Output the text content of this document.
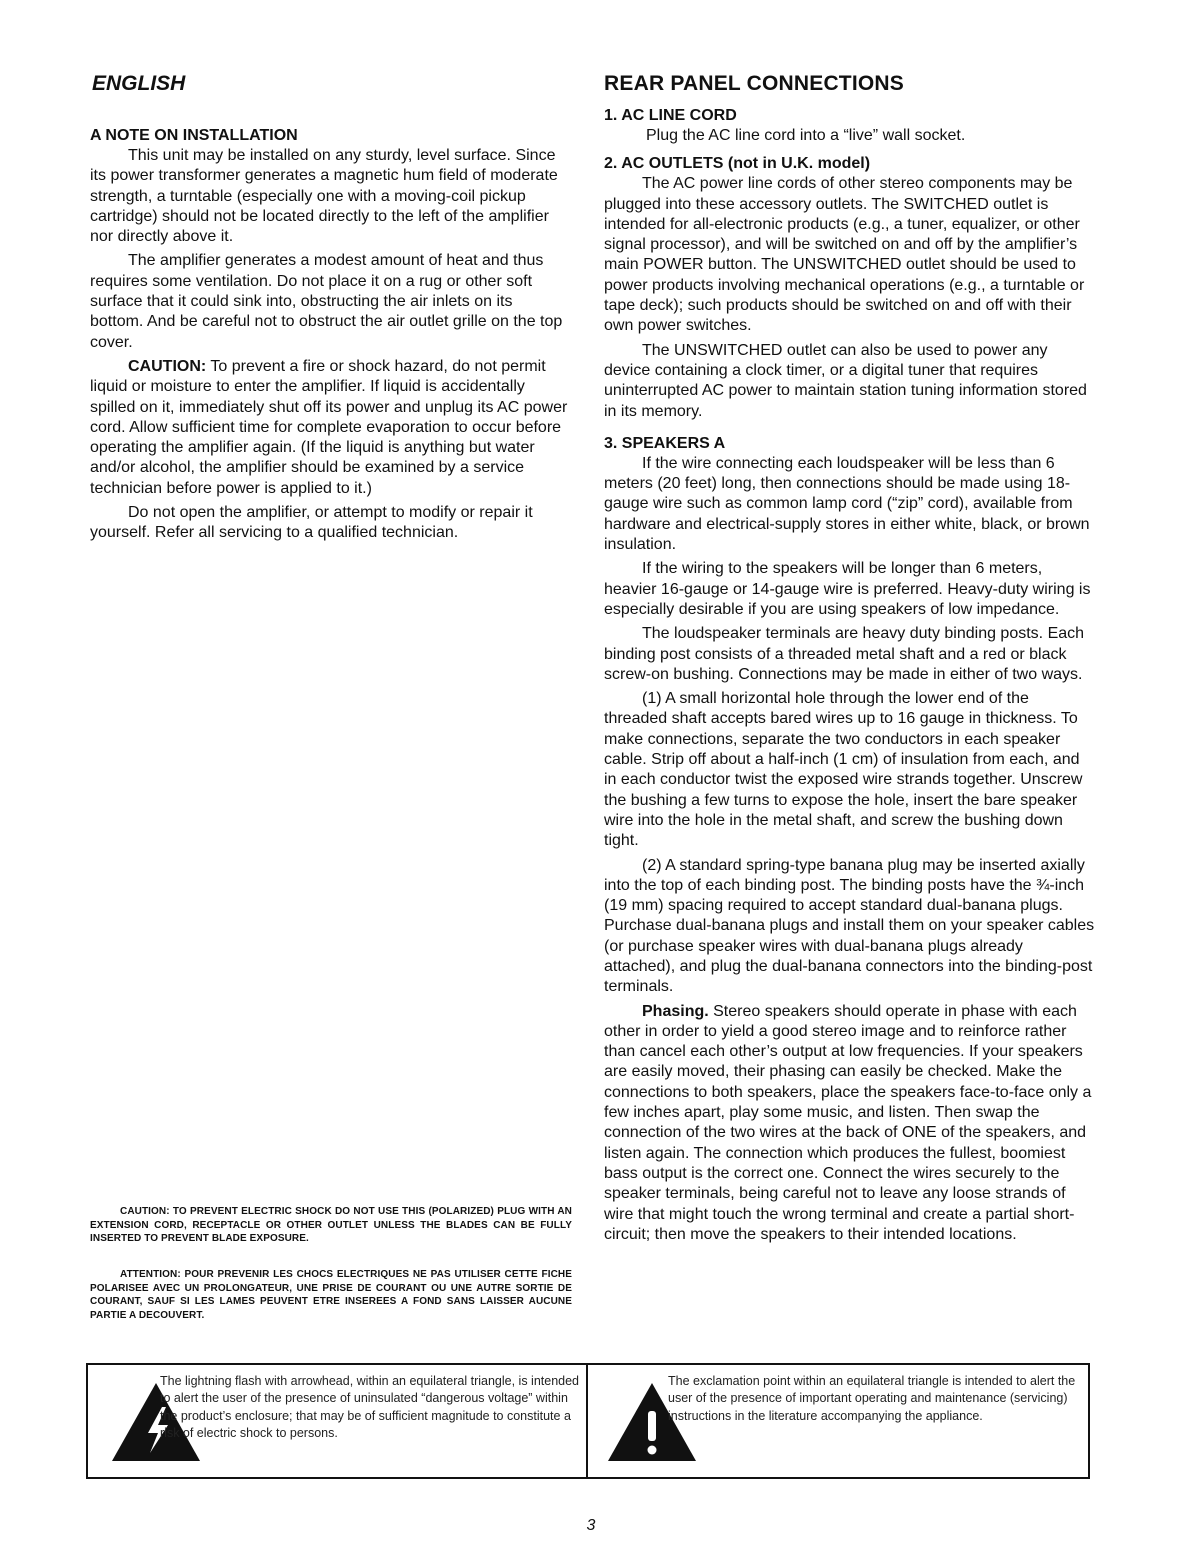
ENGLISH
A NOTE ON INSTALLATION

This unit may be installed on any sturdy, level surface. Since its power transformer generates a magnetic hum field of moderate strength, a turntable (especially one with a moving-coil pickup cartridge) should not be located directly to the left of the amplifier nor directly above it.

The amplifier generates a modest amount of heat and thus requires some ventilation. Do not place it on a rug or other soft surface that it could sink into, obstructing the air inlets on its bottom. And be careful not to obstruct the air outlet grille on the top cover.

CAUTION: To prevent a fire or shock hazard, do not permit liquid or moisture to enter the amplifier. If liquid is accidentally spilled on it, immediately shut off its power and unplug its AC power cord. Allow sufficient time for complete evaporation to occur before operating the amplifier again. (If the liquid is anything but water and/or alcohol, the amplifier should be examined by a service technician before power is applied to it.)

Do not open the amplifier, or attempt to modify or repair it yourself. Refer all servicing to a qualified technician.

CAUTION: TO PREVENT ELECTRIC SHOCK DO NOT USE THIS (POLARIZED) PLUG WITH AN EXTENSION CORD, RECEPTACLE OR OTHER OUTLET UNLESS THE BLADES CAN BE FULLY INSERTED TO PREVENT BLADE EXPOSURE.
ATTENTION: POUR PREVENIR LES CHOCS ELECTRIQUES NE PAS UTILISER CETTE FICHE POLARISEE AVEC UN PROLONGATEUR, UNE PRISE DE COURANT OU UNE AUTRE SORTIE DE COURANT, SAUF SI LES LAMES PEUVENT ETRE INSEREES A FOND SANS LAISSER AUCUNE PARTIE A DECOUVERT.
REAR PANEL CONNECTIONS
1. AC LINE CORD

Plug the AC line cord into a “live” wall socket.

2. AC OUTLETS (not in U.K. model)

The AC power line cords of other stereo components may be plugged into these accessory outlets. The SWITCHED outlet is intended for all-electronic products (e.g., a tuner, equalizer, or other signal processor), and will be switched on and off by the amplifier’s main POWER button. The UNSWITCHED outlet should be used to power products involving mechanical operations (e.g., a turntable or tape deck); such products should be switched on and off with their own power switches.

The UNSWITCHED outlet can also be used to power any device containing a clock timer, or a digital tuner that requires uninterrupted AC power to maintain station tuning information stored in its memory.

3. SPEAKERS A

If the wire connecting each loudspeaker will be less than 6 meters (20 feet) long, then connections should be made using 18-gauge wire such as common lamp cord (“zip” cord), available from hardware and electrical-supply stores in either white, black, or brown insulation.

If the wiring to the speakers will be longer than 6 meters, heavier 16-gauge or 14-gauge wire is preferred. Heavy-duty wiring is especially desirable if you are using speakers of low impedance.

The loudspeaker terminals are heavy duty binding posts. Each binding post consists of a threaded metal shaft and a red or black screw-on bushing. Connections may be made in either of two ways.

(1) A small horizontal hole through the lower end of the threaded shaft accepts bared wires up to 16 gauge in thickness. To make connections, separate the two conductors in each speaker cable. Strip off about a half-inch (1 cm) of insulation from each, and in each conductor twist the exposed wire strands together. Unscrew the bushing a few turns to expose the hole, insert the bare speaker wire into the hole in the metal shaft, and screw the bushing down tight.

(2) A standard spring-type banana plug may be inserted axially into the top of each binding post. The binding posts have the ¾-inch (19 mm) spacing required to accept standard dual-banana plugs. Purchase dual-banana plugs and install them on your speaker cables (or purchase speaker wires with dual-banana plugs already attached), and plug the dual-banana connectors into the binding-post terminals.

Phasing. Stereo speakers should operate in phase with each other in order to yield a good stereo image and to reinforce rather than cancel each other’s output at low frequencies. If your speakers are easily moved, their phasing can easily be checked. Make the connections to both speakers, place the speakers face-to-face only a few inches apart, play some music, and listen. Then swap the connection of the two wires at the back of ONE of the speakers, and listen again. The connection which produces the fullest, boomiest bass output is the correct one. Connect the wires securely to the speaker terminals, being careful not to leave any loose strands of wire that might touch the wrong terminal and create a partial short-circuit; then move the speakers to their intended locations.

The lightning flash with arrowhead, within an equilateral triangle, is intended to alert the user of the presence of uninsulated “dangerous voltage” within the product’s enclosure; that may be of sufficient magnitude to constitute a risk of electric shock to persons.
The exclamation point within an equilateral triangle is intended to alert the user of the presence of important operating and maintenance (servicing) instructions in the literature accompanying the appliance.
3
